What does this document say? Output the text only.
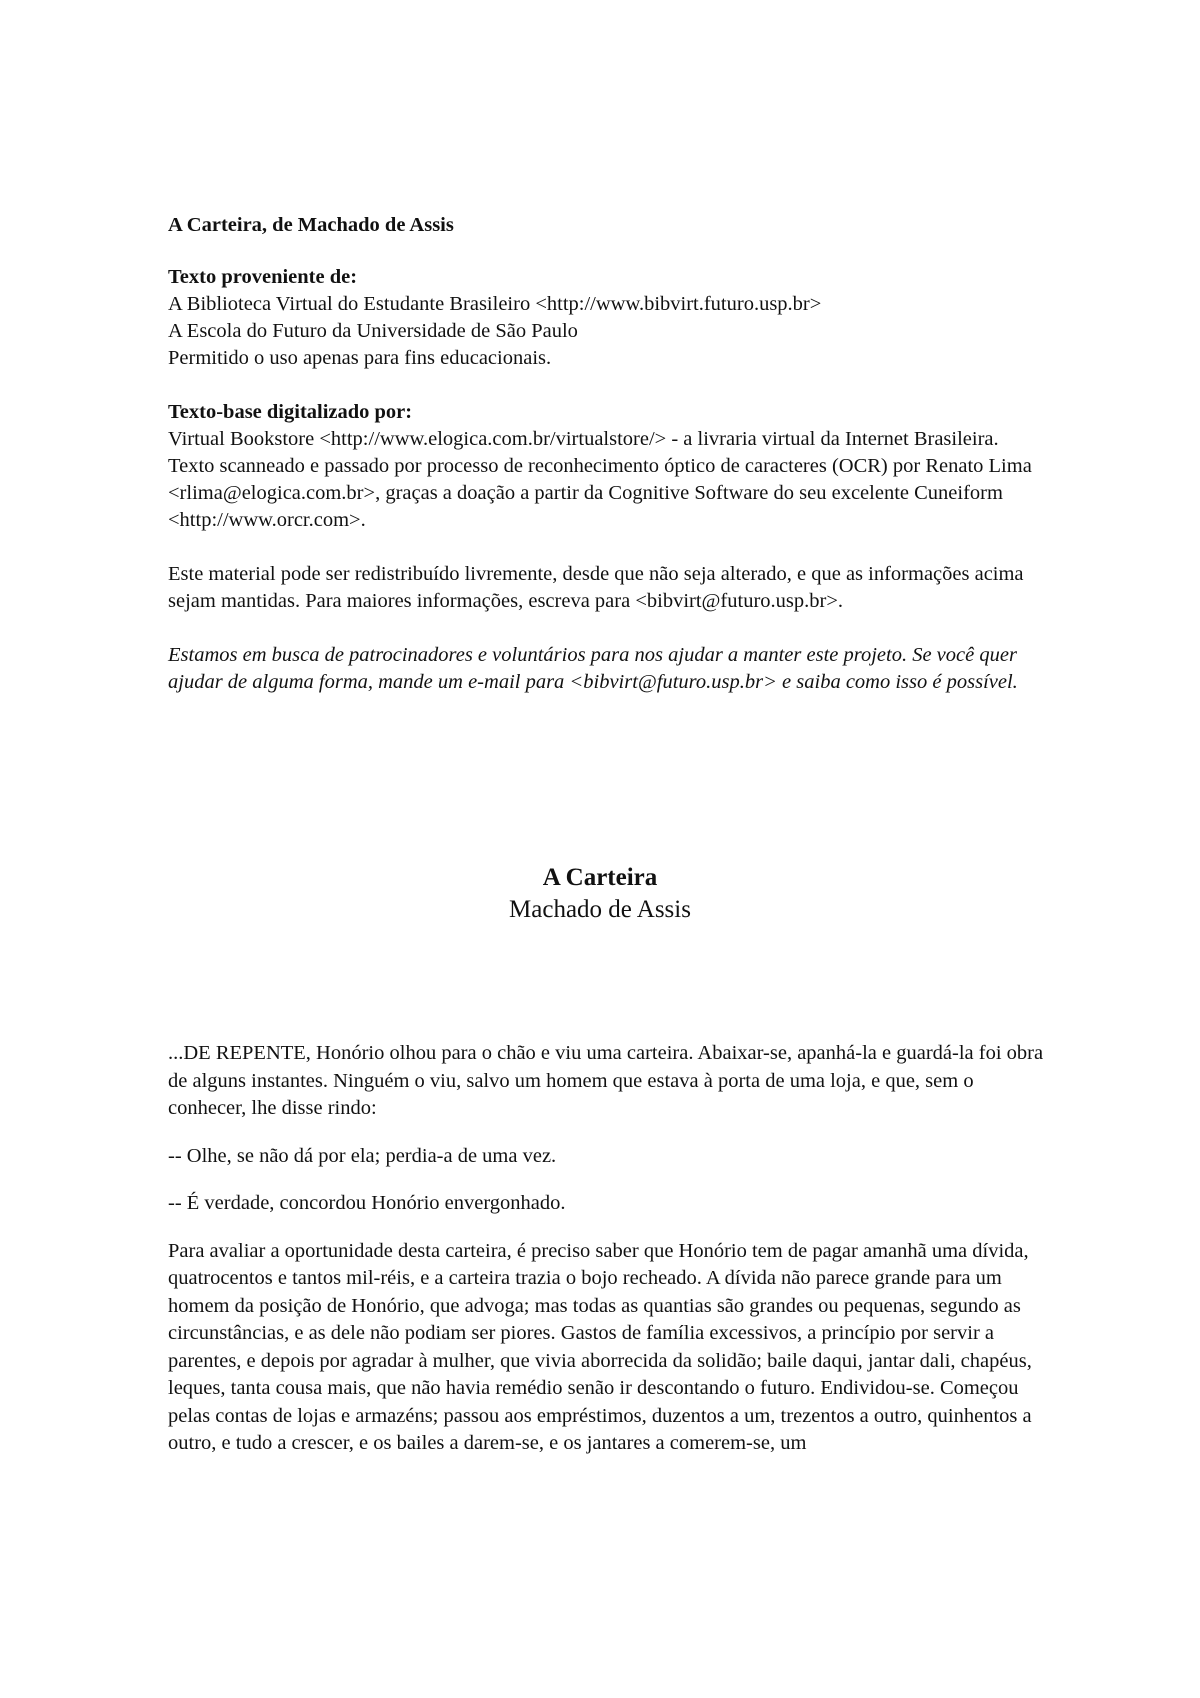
A Carteira, de Machado de Assis
Texto proveniente de:
A Biblioteca Virtual do Estudante Brasileiro <http://www.bibvirt.futuro.usp.br>
A Escola do Futuro da Universidade de São Paulo
Permitido o uso apenas para fins educacionais.
Texto-base digitalizado por:
Virtual Bookstore <http://www.elogica.com.br/virtualstore/> - a livraria virtual da Internet Brasileira.
Texto scanneado e passado por processo de reconhecimento óptico de caracteres (OCR) por Renato Lima <rlima@elogica.com.br>, graças a doação a partir da Cognitive Software do seu excelente Cuneiform <http://www.orcr.com>.

Este material pode ser redistribuído livremente, desde que não seja alterado, e que as informações acima sejam mantidas. Para maiores informações, escreva para <bibvirt@futuro.usp.br>.

Estamos em busca de patrocinadores e voluntários para nos ajudar a manter este projeto. Se você quer ajudar de alguma forma, mande um e-mail para <bibvirt@futuro.usp.br> e saiba como isso é possível.

A Carteira
Machado de Assis

...DE REPENTE, Honório olhou para o chão e viu uma carteira. Abaixar-se, apanhá-la e guardá-la foi obra de alguns instantes. Ninguém o viu, salvo um homem que estava à porta de uma loja, e que, sem o conhecer, lhe disse rindo:

-- Olhe, se não dá por ela; perdia-a de uma vez.

-- É verdade, concordou Honório envergonhado.

Para avaliar a oportunidade desta carteira, é preciso saber que Honório tem de pagar amanhã uma dívida, quatrocentos e tantos mil-réis, e a carteira trazia o bojo recheado. A dívida não parece grande para um homem da posição de Honório, que advoga; mas todas as quantias são grandes ou pequenas, segundo as circunstâncias, e as dele não podiam ser piores. Gastos de família excessivos, a princípio por servir a parentes, e depois por agradar à mulher, que vivia aborrecida da solidão; baile daqui, jantar dali, chapéus, leques, tanta cousa mais, que não havia remédio senão ir descontando o futuro. Endividou-se. Começou pelas contas de lojas e armazéns; passou aos empréstimos, duzentos a um, trezentos a outro, quinhentos a outro, e tudo a crescer, e os bailes a darem-se, e os jantares a comerem-se, um
